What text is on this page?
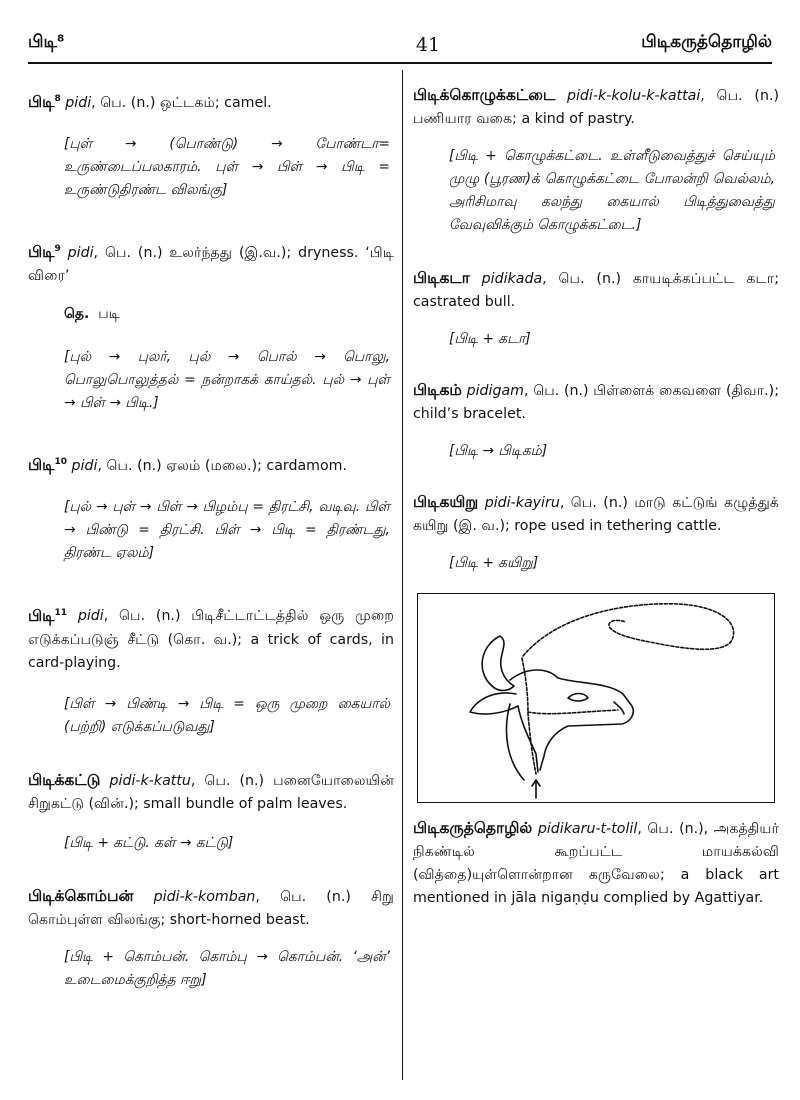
பிடி⁸	41	பிடிகருத்தொழில்
பிடி$^8$ pidi, பெ. (n.) ஒட்டகம்; camel.
[புள் → (பொண்டு) → போண்டா= உருண்டைப்பலகாரம். புள் → பிள் → பிடி = உருண்டுதிரண்ட விலங்கு]
பிடி$^9$ pidi, பெ. (n.) உலர்ந்தது (இ.வ.); dryness. ‘பிடி விரை’
தெ. படி
[புல் → புலர், புல் → பொல் → பொலு, பொலுபொலுத்தல் = நன்றாகக் காய்தல். புல் → புள் → பிள் → பிடி.]
பிடி$^{10}$ pidi, பெ. (n.) ஏலம் (மலை.); cardamom.
[புல் → புள் → பிள் → பிழம்பு = திரட்சி, வடிவு. பிள் → பிண்டு = திரட்சி. பிள் → பிடி = திரண்டது, திரண்ட ஏலம்]
பிடி$^{11}$ pidi, பெ. (n.) பிடிசீட்டாட்டத்தில் ஒரு முறை எடுக்கப்படுஞ் சீட்டு (கொ. வ.); a trick of cards, in card-playing.
[பிள் → பிண்டி → பிடி = ஒரு முறை கையால் (பற்றி) எடுக்கப்படுவது]
பிடிக்கட்டு pidi-k-kattu, பெ. (n.) பனையோலையின் சிறுகட்டு (வின்.); small bundle of palm leaves.
[பிடி + கட்டு. கள் → கட்டு]
பிடிக்கொம்பன் pidi-k-komban, பெ. (n.) சிறு கொம்புள்ள விலங்கு; short-horned beast.
[பிடி + கொம்பன். கொம்பு → கொம்பன். ‘அன்’ உடைமைக்குறித்த ஈறு]
பிடிக்கொழுக்கட்டை pidi-k-kolu-k-kattai, பெ. (n.) பணியார வகை; a kind of pastry.
[பிடி + கொழுக்கட்டை. உள்ளீடுவைத்துச் செய்யும் முழு (பூரண)க் கொழுக்கட்டை போலன்றி வெல்லம், அரிசிமாவு கலந்து கையால் பிடித்துவைத்து வேவுவிக்கும் கொழுக்கட்டை.]
பிடிகடா pidikada, பெ. (n.) காயடிக்கப்பட்ட கடா; castrated bull.
[பிடி + கடா]
பிடிகம் pidigam, பெ. (n.) பிள்ளைக் கைவளை (திவா.); child’s bracelet.
[பிடி → பிடிகம்]
பிடிகயிறு pidi-kayiru, பெ. (n.) மாடு கட்டுங் கழுத்துக் கயிறு (இ. வ.); rope used in tethering cattle.
[பிடி + கயிறு]
பிடிகருத்தொழில் pidikaru-t-tolil, பெ. (n.), அகத்தியர் நிகண்டில் கூறப்பட்ட மாயக்கல்வி (வித்தை)யுள்ளொன்றான கருவேலை; a black art mentioned in jāla nigaṇḍu complied by Agattiyar.
